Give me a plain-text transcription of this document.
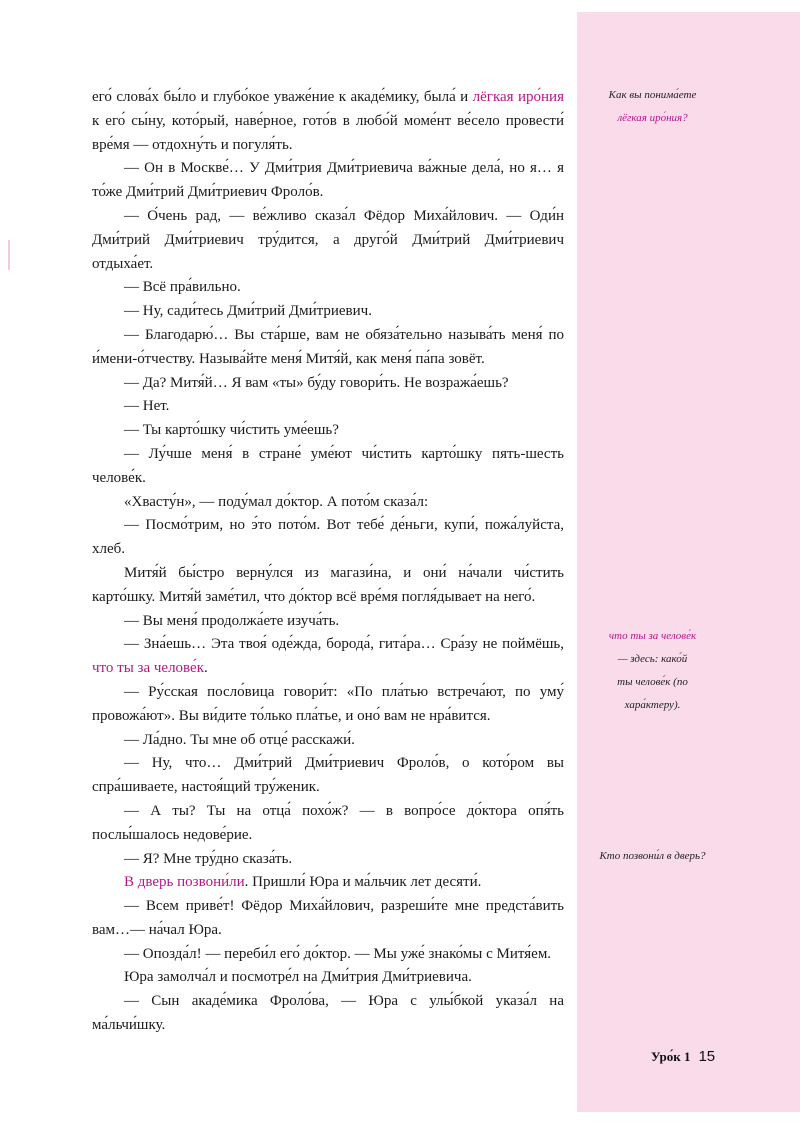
его́ слова́х бы́ло и глубо́кое уваже́ние к акаде́мику, была́ и лёгкая иро́ния к его́ сы́ну, кото́рый, наве́рное, гото́в в любо́й моме́нт ве́село провести́ вре́мя — отдохну́ть и погуля́ть.

— Он в Москве́… У Дми́трия Дми́триевича ва́жные дела́, но я… я то́же Дми́трий Дми́триевич Фроло́в.

— О́чень рад, — ве́жливо сказа́л Фёдор Миха́йлович. — Оди́н Дми́трий Дми́триевич тру́дится, а друго́й Дми́трий Дми́триевич отдыха́ет.

— Всё пра́вильно.

— Ну, сади́тесь Дми́трий Дми́триевич.

— Благодарю́… Вы ста́рше, вам не обяза́тельно называ́ть меня́ по и́мени-о́тчеству. Называ́йте меня́ Митя́й, как меня́ па́па зовёт.

— Да? Митя́й… Я вам «ты» бу́ду говори́ть. Не возража́ешь?

— Нет.

— Ты карто́шку чи́стить уме́ешь?

— Лу́чше меня́ в стране́ уме́ют чи́стить карто́шку пять-шесть челове́к.

«Хвасту́н», — поду́мал до́ктор. А пото́м сказа́л:

— Посмо́трим, но э́то пото́м. Вот тебе́ де́ньги, купи́, пожа́луйста, хлеб.

Митя́й бы́стро верну́лся из магази́на, и они́ на́чали чи́стить карто́шку. Митя́й заме́тил, что до́ктор всё вре́мя погля́дывает на него́.

— Вы меня́ продолжа́ете изуча́ть.

— Зна́ешь… Эта твоя́ оде́жда, борода́, гита́ра… Сра́зу не поймёшь, что ты за челове́к.

— Ру́сская посло́вица говори́т: «По пла́тью встреча́ют, по уму́ провожа́ют». Вы ви́дите то́лько пла́тье, и оно́ вам не нра́вится.

— Ла́дно. Ты мне об отце́ расскажи́.

— Ну, что… Дми́трий Дми́триевич Фроло́в, о кото́ром вы спра́шиваете, настоя́щий тру́женик.

— А ты? Ты на отца́ похо́ж? — в вопро́се до́ктора опя́ть послы́шалось недове́рие.

— Я? Мне тру́дно сказа́ть.

В дверь позвони́ли. Пришли́ Юра и ма́льчик лет десяти́.

— Всем приве́т! Фёдор Миха́йлович, разреши́те мне предста́вить вам…— на́чал Юра.

— Опозда́л! — переби́л его́ до́ктор. — Мы уже́ знако́мы с Митя́ем.

Юра замолча́л и посмотре́л на Дми́трия Дми́триевича.

— Сын акаде́мика Фроло́ва, — Юра с улы́бкой указа́л на ма́льчи́шку.

Как вы понима́ете
лёгкая иро́ния?
что ты за челове́к
— здесь: како́й
ты челове́к (по
хара́ктеру).
Кто позвони́л в дверь?
Уро́к 1 15
